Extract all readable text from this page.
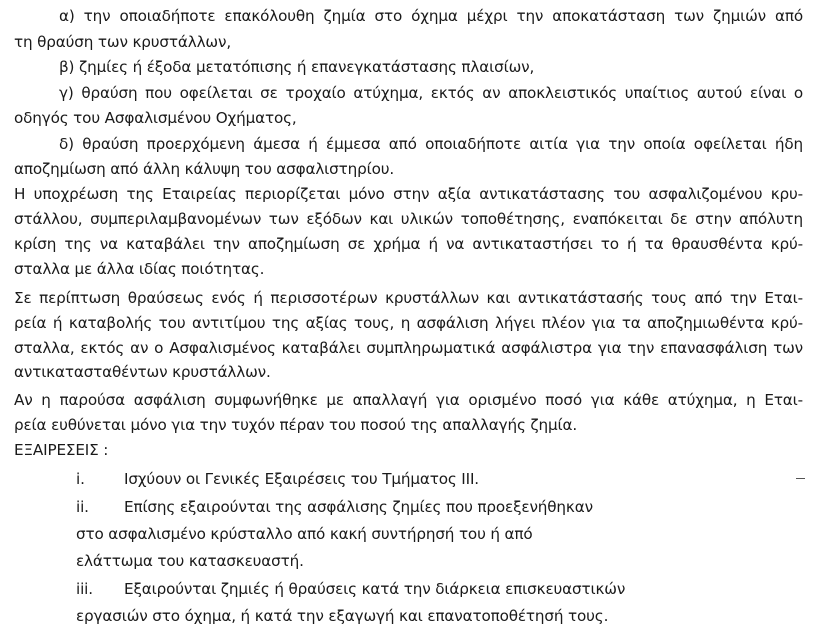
α) την οποιαδήποτε επακόλουθη ζημία στο όχημα μέχρι την αποκατάσταση των ζημιών από
τη θραύση των κρυστάλλων,
β) ζημίες ή έξοδα μετατόπισης ή επανεγκατάστασης πλαισίων,
γ) θραύση που οφείλεται σε τροχαίο ατύχημα, εκτός αν αποκλειστικός υπαίτιος αυτού είναι ο
οδηγός του Ασφαλισμένου Οχήματος,
δ) θραύση προερχόμενη άμεσα ή έμμεσα από οποιαδήποτε αιτία για την οποία οφείλεται ήδη
αποζημίωση από άλλη κάλυψη του ασφαλιστηρίου.
Η υποχρέωση της Εταιρείας περιορίζεται μόνο στην αξία αντικατάστασης του ασφαλιζομένου κρυ-
στάλλου, συμπεριλαμβανομένων των εξόδων και υλικών τοποθέτησης, εναπόκειται δε στην απόλυτη
κρίση της να καταβάλει την αποζημίωση σε χρήμα ή να αντικαταστήσει το ή τα θραυσθέντα κρύ-
σταλλα με άλλα ιδίας ποιότητας.
Σε περίπτωση θραύσεως ενός ή περισσοτέρων κρυστάλλων και αντικατάστασής τους από την Εται-
ρεία ή καταβολής του αντιτίμου της αξίας τους, η ασφάλιση λήγει πλέον για τα αποζημιωθέντα κρύ-
σταλλα, εκτός αν ο Ασφαλισμένος καταβάλει συμπληρωματικά ασφάλιστρα για την επανασφάλιση των
αντικατασταθέντων κρυστάλλων.
Αν η παρούσα ασφάλιση συμφωνήθηκε με απαλλαγή για ορισμένο ποσό για κάθε ατύχημα, η Εται-
ρεία ευθύνεται μόνο για την τυχόν πέραν του ποσού της απαλλαγής ζημία.
ΕΞΑΙΡΕΣΕΙΣ :
i.	Ισχύουν οι Γενικές Εξαιρέσεις του Τμήματος ΙΙΙ.
ii. Επίσης εξαιρούνται της ασφάλισης ζημίες που προεξενήθηκαν
στο ασφαλισμένο κρύσταλλο από κακή συντήρησή του ή από
ελάττωμα του κατασκευαστή.
iii. Εξαιρούνται ζημιές ή θραύσεις κατά την διάρκεια επισκευαστικών
εργασιών στο όχημα, ή κατά την εξαγωγή και επανατοποθέτησή τους.
